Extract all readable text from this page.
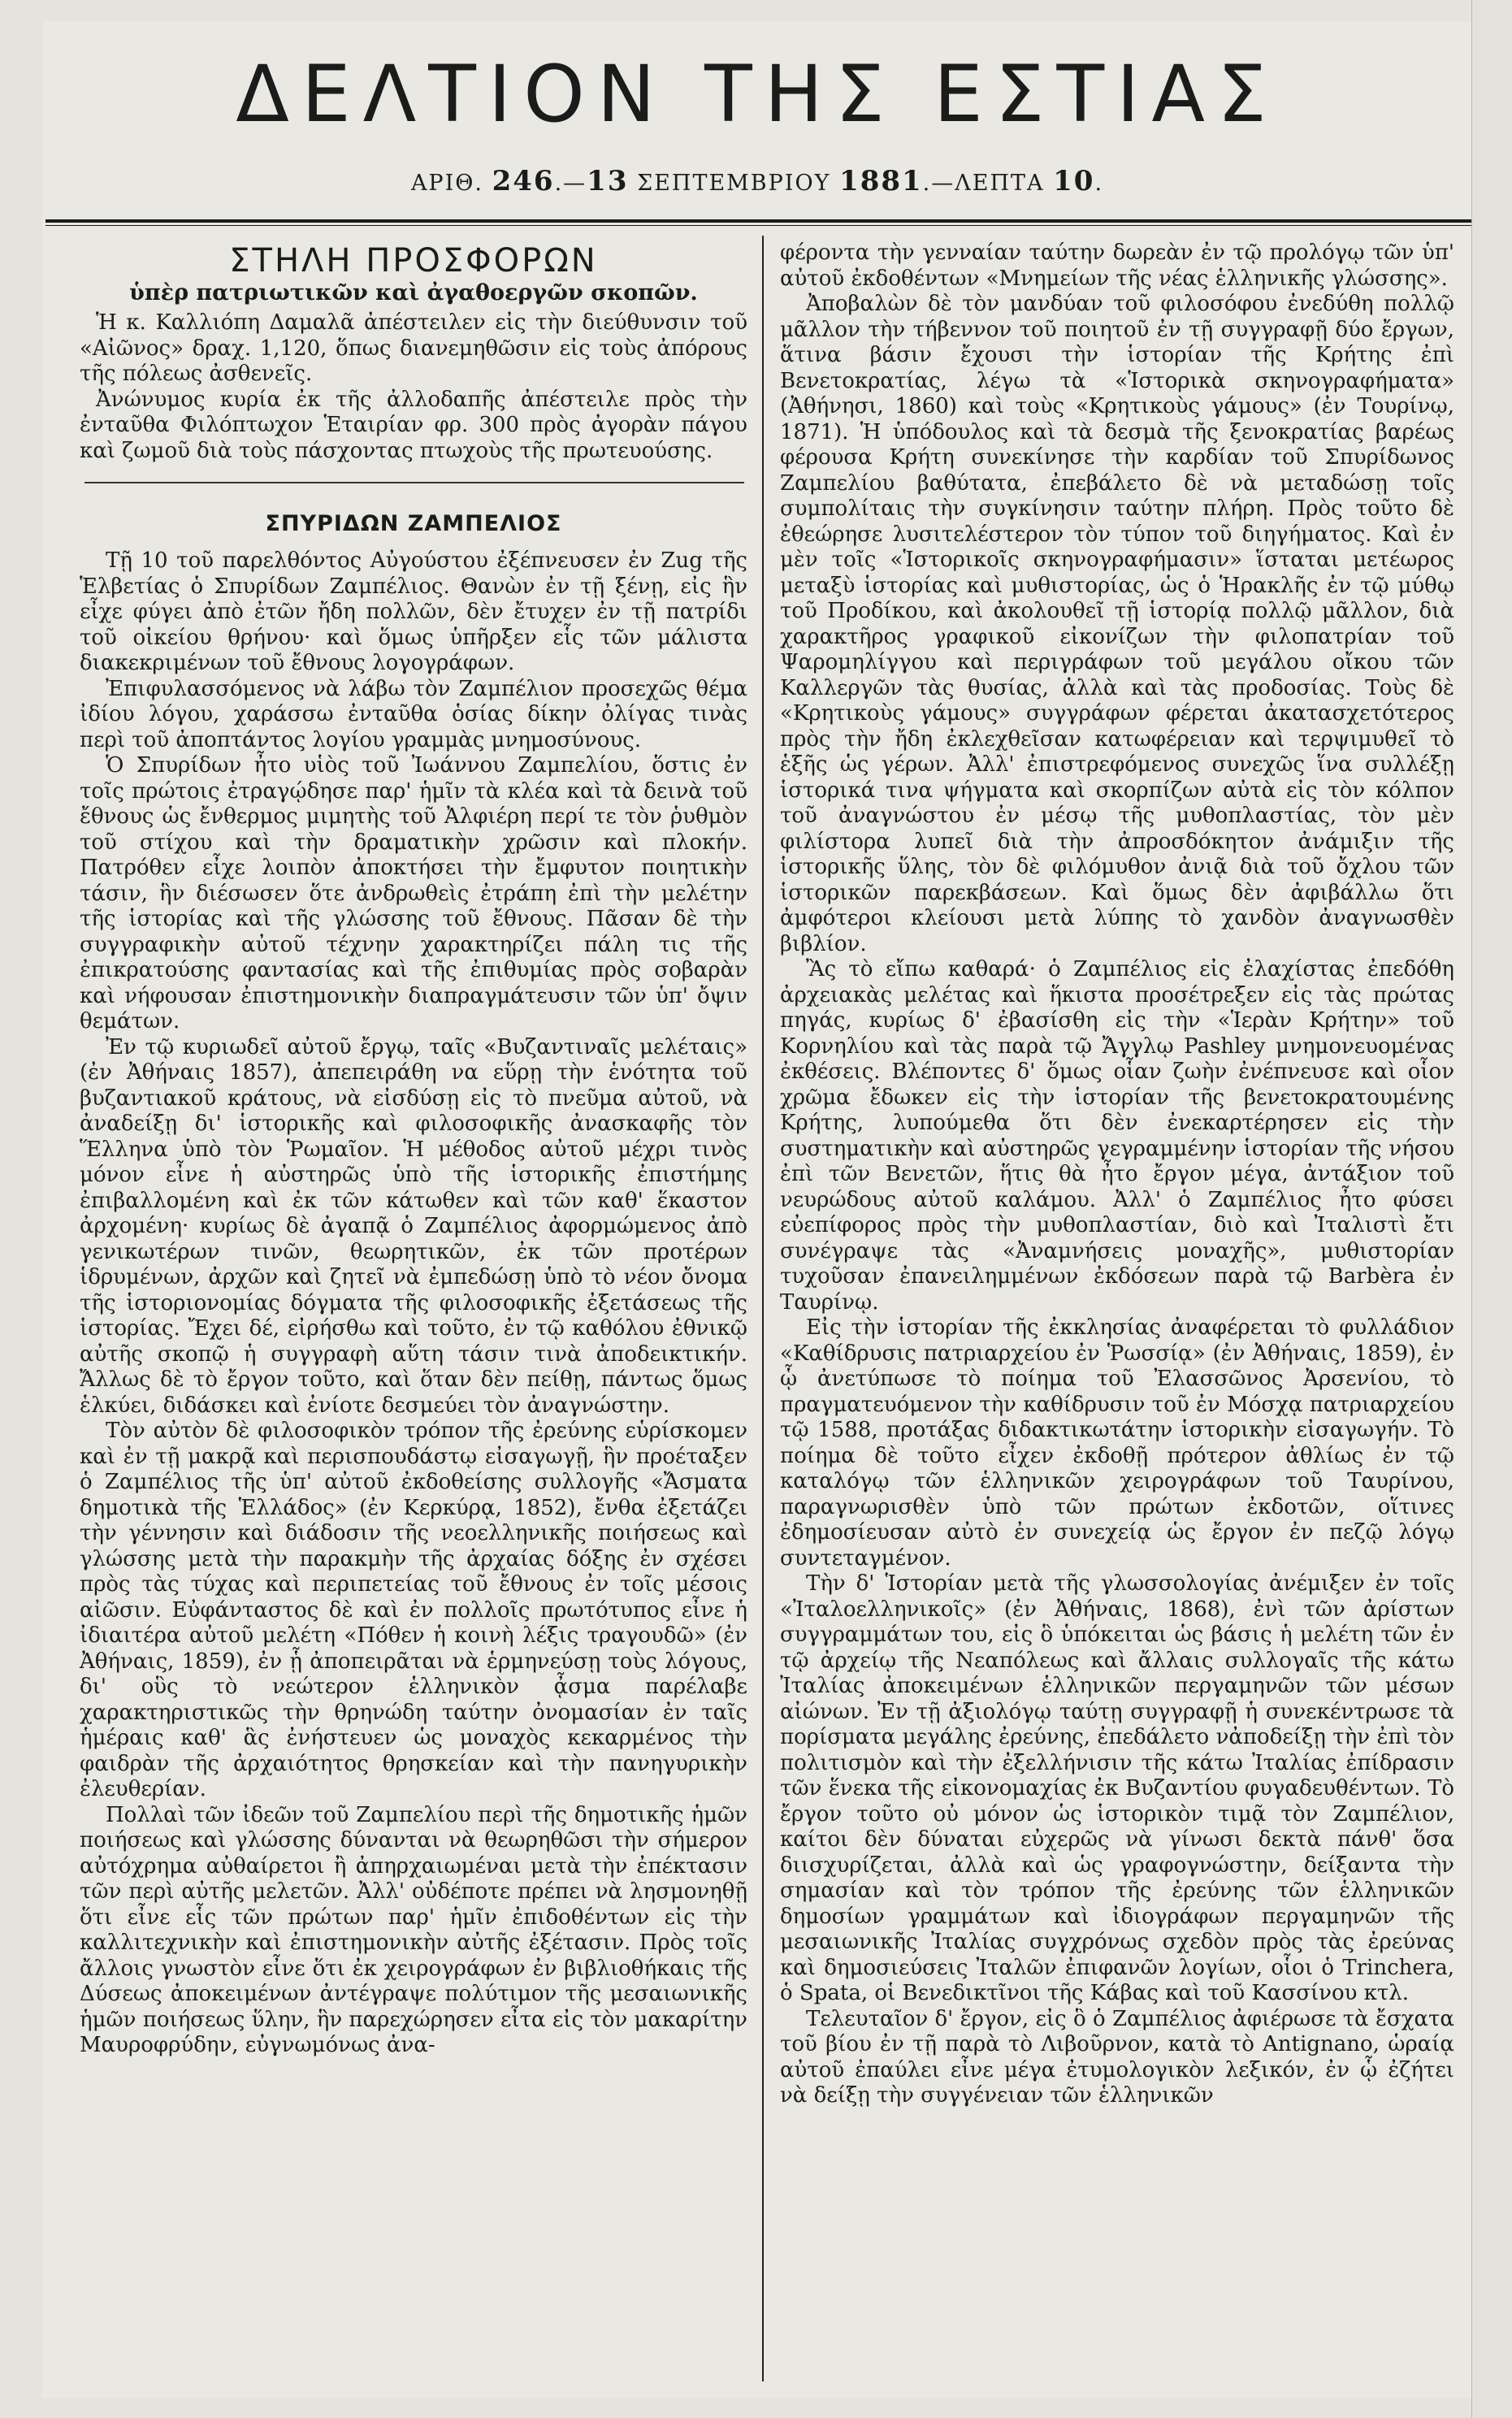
ΔΕΛΤΙΟΝ ΤΗΣ ΕΣΤΙΑΣ
ΑΡΙΘ. 246.—13 ΣΕΠΤΕΜΒΡΙΟΥ 1881.—ΛΕΠΤΑ 10.
ΣΤΗΛΗ ΠΡΟΣΦΟΡΩΝ
ὑπὲρ πατριωτικῶν καὶ ἀγαθοεργῶν σκοπῶν.

Ἡ κ. Καλλιόπη Δαμαλᾶ ἀπέστειλεν εἰς τὴν διεύθυνσιν τοῦ «Αἰῶνος» δραχ. 1,120, ὅπως διανεμηθῶσιν εἰς τοὺς ἀπόρους τῆς πόλεως ἀσθενεῖς.

Ἀνώνυμος κυρία ἐκ τῆς ἀλλοδαπῆς ἀπέστειλε πρὸς τὴν ἐνταῦθα Φιλόπτωχον Ἑταιρίαν φρ. 300 πρὸς ἀγορὰν πάγου καὶ ζωμοῦ διὰ τοὺς πάσχοντας πτωχοὺς τῆς πρωτευούσης.

ΣΠΥΡΙΔΩΝ ΖΑΜΠΕΛΙΟΣ

Τῇ 10 τοῦ παρελθόντος Αὐγούστου ἐξέπνευσεν ἐν Zug τῆς Ἑλβετίας ὁ Σπυρίδων Ζαμπέλιος. Θανὼν ἐν τῇ ξένῃ, εἰς ἣν εἶχε φύγει ἀπὸ ἐτῶν ἤδη πολλῶν, δὲν ἔτυχεν ἐν τῇ πατρίδι τοῦ οἰκείου θρήνου· καὶ ὅμως ὑπῆρξεν εἷς τῶν μάλιστα διακεκριμένων τοῦ ἔθνους λογογράφων.

Ἐπιφυλασσόμενος νὰ λάβω τὸν Ζαμπέλιον προσεχῶς θέμα ἰδίου λόγου, χαράσσω ἐνταῦθα ὁσίας δίκην ὀλίγας τινὰς περὶ τοῦ ἀποπτάντος λογίου γραμμὰς μνημοσύνους.

Ὁ Σπυρίδων ἦτο υἱὸς τοῦ Ἰωάννου Ζαμπελίου, ὅστις ἐν τοῖς πρώτοις ἐτραγῴδησε παρ' ἡμῖν τὰ κλέα καὶ τὰ δεινὰ τοῦ ἔθνους ὡς ἔνθερμος μιμητὴς τοῦ Ἀλφιέρη περί τε τὸν ῥυθμὸν τοῦ στίχου καὶ τὴν δραματικὴν χρῶσιν καὶ πλοκήν. Πατρόθεν εἶχε λοιπὸν ἀποκτήσει τὴν ἔμφυτον ποιητικὴν τάσιν, ἣν διέσωσεν ὅτε ἀνδρωθεὶς ἐτράπη ἐπὶ τὴν μελέτην τῆς ἱστορίας καὶ τῆς γλώσσης τοῦ ἔθνους. Πᾶσαν δὲ τὴν συγγραφικὴν αὐτοῦ τέχνην χαρακτηρίζει πάλη τις τῆς ἐπικρατούσης φαντασίας καὶ τῆς ἐπιθυμίας πρὸς σοβαρὰν καὶ νήφουσαν ἐπιστημονικὴν διαπραγμάτευσιν τῶν ὑπ' ὄψιν θεμάτων.

Ἐν τῷ κυριωδεῖ αὐτοῦ ἔργῳ, ταῖς «Βυζαντιναῖς μελέταις» (ἐν Ἀθήναις 1857), ἀπεπειράθη να εὕρῃ τὴν ἑνότητα τοῦ βυζαντιακοῦ κράτους, νὰ εἰσδύσῃ εἰς τὸ πνεῦμα αὐτοῦ, νὰ ἀναδείξῃ δι' ἱστορικῆς καὶ φιλοσοφικῆς ἀνασκαφῆς τὸν Ἕλληνα ὑπὸ τὸν Ῥωμαῖον. Ἡ μέθοδος αὐτοῦ μέχρι τινὸς μόνον εἶνε ἡ αὐστηρῶς ὑπὸ τῆς ἱστορικῆς ἐπιστήμης ἐπιβαλλομένη καὶ ἐκ τῶν κάτωθεν καὶ τῶν καθ' ἕκαστον ἀρχομένη· κυρίως δὲ ἀγαπᾷ ὁ Ζαμπέλιος ἀφορμώμενος ἀπὸ γενικωτέρων τινῶν, θεωρητικῶν, ἐκ τῶν προτέρων ἱδρυμένων, ἀρχῶν καὶ ζητεῖ νὰ ἐμπεδώσῃ ὑπὸ τὸ νέον ὄνομα τῆς ἱστοριονομίας δόγματα τῆς φιλοσοφικῆς ἐξετάσεως τῆς ἱστορίας. Ἔχει δέ, εἰρήσθω καὶ τοῦτο, ἐν τῷ καθόλου ἐθνικῷ αὐτῆς σκοπῷ ἡ συγγραφὴ αὕτη τάσιν τινὰ ἀποδεικτικήν. Ἄλλως δὲ τὸ ἔργον τοῦτο, καὶ ὅταν δὲν πείθῃ, πάντως ὅμως ἑλκύει, διδάσκει καὶ ἐνίοτε δεσμεύει τὸν ἀναγνώστην.

Τὸν αὐτὸν δὲ φιλοσοφικὸν τρόπον τῆς ἐρεύνης εὑρίσκομεν καὶ ἐν τῇ μακρᾷ καὶ περισπουδάστῳ εἰσαγωγῇ, ἣν προέταξεν ὁ Ζαμπέλιος τῆς ὑπ' αὐτοῦ ἐκδοθείσης συλλογῆς «Ἄσματα δημοτικὰ τῆς Ἑλλάδος» (ἐν Κερκύρᾳ, 1852), ἔνθα ἐξετάζει τὴν γέννησιν καὶ διάδοσιν τῆς νεοελληνικῆς ποιήσεως καὶ γλώσσης μετὰ τὴν παρακμὴν τῆς ἀρχαίας δόξης ἐν σχέσει πρὸς τὰς τύχας καὶ περιπετείας τοῦ ἔθνους ἐν τοῖς μέσοις αἰῶσιν. Εὐφάνταστος δὲ καὶ ἐν πολλοῖς πρωτότυπος εἶνε ἡ ἰδιαιτέρα αὐτοῦ μελέτη «Πόθεν ἡ κοινὴ λέξις τραγουδῶ» (ἐν Ἀθήναις, 1859), ἐν ᾗ ἀποπειρᾶται νὰ ἑρμηνεύσῃ τοὺς λόγους, δι' οὓς τὸ νεώτερον ἑλληνικὸν ᾆσμα παρέλαβε χαρακτηριστικῶς τὴν θρηνώδη ταύτην ὀνομασίαν ἐν ταῖς ἡμέραις καθ' ἃς ἐνήστευεν ὡς μοναχὸς κεκαρμένος τὴν φαιδρὰν τῆς ἀρχαιότητος θρησκείαν καὶ τὴν πανηγυρικὴν ἐλευθερίαν.

Πολλαὶ τῶν ἰδεῶν τοῦ Ζαμπελίου περὶ τῆς δημοτικῆς ἡμῶν ποιήσεως καὶ γλώσσης δύνανται νὰ θεωρηθῶσι τὴν σήμερον αὐτόχρημα αὐθαίρετοι ἢ ἀπηρχαιωμέναι μετὰ τὴν ἐπέκτασιν τῶν περὶ αὐτῆς μελετῶν. Ἀλλ' οὐδέποτε πρέπει νὰ λησμονηθῇ ὅτι εἶνε εἷς τῶν πρώτων παρ' ἡμῖν ἐπιδοθέντων εἰς τὴν καλλιτεχνικὴν καὶ ἐπιστημονικὴν αὐτῆς ἐξέτασιν. Πρὸς τοῖς ἄλλοις γνωστὸν εἶνε ὅτι ἐκ χειρογράφων ἐν βιβλιοθήκαις τῆς Δύσεως ἀποκειμένων ἀντέγραψε πολύτιμον τῆς μεσαιωνικῆς ἡμῶν ποιήσεως ὕλην, ἣν παρεχώρησεν εἶτα εἰς τὸν μακαρίτην Μαυροφρύδην, εὐγνωμόνως ἀνα-

φέροντα τὴν γενναίαν ταύτην δωρεὰν ἐν τῷ προλόγῳ τῶν ὑπ' αὐτοῦ ἐκδοθέντων «Μνημείων τῆς νέας ἑλληνικῆς γλώσσης».

Ἀποβαλὼν δὲ τὸν μανδύαν τοῦ φιλοσόφου ἐνεδύθη πολλῷ μᾶλλον τὴν τήβεννον τοῦ ποιητοῦ ἐν τῇ συγγραφῇ δύο ἔργων, ἅτινα βάσιν ἔχουσι τὴν ἱστορίαν τῆς Κρήτης ἐπὶ Βενετοκρατίας, λέγω τὰ «Ἱστορικὰ σκηνογραφήματα» (Ἀθήνησι, 1860) καὶ τοὺς «Κρητικοὺς γάμους» (ἐν Τουρίνῳ, 1871). Ἡ ὑπόδουλος καὶ τὰ δεσμὰ τῆς ξενοκρατίας βαρέως φέρουσα Κρήτη συνεκίνησε τὴν καρδίαν τοῦ Σπυρίδωνος Ζαμπελίου βαθύτατα, ἐπεβάλετο δὲ νὰ μεταδώσῃ τοῖς συμπολίταις τὴν συγκίνησιν ταύτην πλήρη. Πρὸς τοῦτο δὲ ἐθεώρησε λυσιτελέστερον τὸν τύπον τοῦ διηγήματος. Καὶ ἐν μὲν τοῖς «Ἱστορικοῖς σκηνογραφήμασιν» ἵσταται μετέωρος μεταξὺ ἱστορίας καὶ μυθιστορίας, ὡς ὁ Ἡρακλῆς ἐν τῷ μύθῳ τοῦ Προδίκου, καὶ ἀκολουθεῖ τῇ ἱστορίᾳ πολλῷ μᾶλλον, διὰ χαρακτῆρος γραφικοῦ εἰκονίζων τὴν φιλοπατρίαν τοῦ Ψαρομηλίγγου καὶ περιγράφων τοῦ μεγάλου οἴκου τῶν Καλλεργῶν τὰς θυσίας, ἀλλὰ καὶ τὰς προδοσίας. Τοὺς δὲ «Κρητικοὺς γάμους» συγγράφων φέρεται ἀκατασχετότερος πρὸς τὴν ἤδη ἐκλεχθεῖσαν κατωφέρειαν καὶ τερψιμυθεῖ τὸ ἑξῆς ὡς γέρων. Ἀλλ' ἐπιστρεφόμενος συνεχῶς ἵνα συλλέξῃ ἱστορικά τινα ψήγματα καὶ σκορπίζων αὐτὰ εἰς τὸν κόλπον τοῦ ἀναγνώστου ἐν μέσῳ τῆς μυθοπλαστίας, τὸν μὲν φιλίστορα λυπεῖ διὰ τὴν ἀπροσδόκητον ἀνάμιξιν τῆς ἱστορικῆς ὕλης, τὸν δὲ φιλόμυθον ἀνιᾷ διὰ τοῦ ὄχλου τῶν ἱστορικῶν παρεκβάσεων. Καὶ ὅμως δὲν ἀφιβάλλω ὅτι ἀμφότεροι κλείουσι μετὰ λύπης τὸ χανδὸν ἀναγνωσθὲν βιβλίον.

Ἂς τὸ εἴπω καθαρά· ὁ Ζαμπέλιος εἰς ἐλαχίστας ἐπεδόθη ἀρχειακὰς μελέτας καὶ ἥκιστα προσέτρεξεν εἰς τὰς πρώτας πηγάς, κυρίως δ' ἐβασίσθη εἰς τὴν «Ἱερὰν Κρήτην» τοῦ Κορνηλίου καὶ τὰς παρὰ τῷ Ἄγγλῳ Pashley μνημονευομένας ἐκθέσεις. Βλέποντες δ' ὅμως οἷαν ζωὴν ἐνέπνευσε καὶ οἷον χρῶμα ἔδωκεν εἰς τὴν ἱστορίαν τῆς βενετοκρατουμένης Κρήτης, λυπούμεθα ὅτι δὲν ἐνεκαρτέρησεν εἰς τὴν συστηματικὴν καὶ αὐστηρῶς γεγραμμένην ἱστορίαν τῆς νήσου ἐπὶ τῶν Βενετῶν, ἥτις θὰ ἦτο ἔργον μέγα, ἀντάξιον τοῦ νευρώδους αὐτοῦ καλάμου. Ἀλλ' ὁ Ζαμπέλιος ἦτο φύσει εὐεπίφορος πρὸς τὴν μυθοπλαστίαν, διὸ καὶ Ἰταλιστὶ ἔτι συνέγραψε τὰς «Ἀναμνήσεις μοναχῆς», μυθιστορίαν τυχοῦσαν ἐπανειλημμένων ἐκδόσεων παρὰ τῷ Barbèra ἐν Ταυρίνῳ.

Εἰς τὴν ἱστορίαν τῆς ἐκκλησίας ἀναφέρεται τὸ φυλλάδιον «Καθίδρυσις πατριαρχείου ἐν Ῥωσσίᾳ» (ἐν Ἀθήναις, 1859), ἐν ᾧ ἀνετύπωσε τὸ ποίημα τοῦ Ἐλασσῶνος Ἀρσενίου, τὸ πραγματευόμενον τὴν καθίδρυσιν τοῦ ἐν Μόσχᾳ πατριαρχείου τῷ 1588, προτάξας διδακτικωτάτην ἱστορικὴν εἰσαγωγήν. Τὸ ποίημα δὲ τοῦτο εἶχεν ἐκδοθῇ πρότερον ἀθλίως ἐν τῷ καταλόγῳ τῶν ἑλληνικῶν χειρογράφων τοῦ Ταυρίνου, παραγνωρισθὲν ὑπὸ τῶν πρώτων ἐκδοτῶν, οἵτινες ἐδημοσίευσαν αὐτὸ ἐν συνεχείᾳ ὡς ἔργον ἐν πεζῷ λόγῳ συντεταγμένον.

Τὴν δ' Ἱστορίαν μετὰ τῆς γλωσσολογίας ἀνέμιξεν ἐν τοῖς «Ἰταλοελληνικοῖς» (ἐν Ἀθήναις, 1868), ἐνὶ τῶν ἀρίστων συγγραμμάτων του, εἰς ὃ ὑπόκειται ὡς βάσις ἡ μελέτη τῶν ἐν τῷ ἀρχείῳ τῆς Νεαπόλεως καὶ ἄλλαις συλλογαῖς τῆς κάτω Ἰταλίας ἀποκειμένων ἑλληνικῶν περγαμηνῶν τῶν μέσων αἰώνων. Ἐν τῇ ἀξιολόγῳ ταύτῃ συγγραφῇ ἡ συνεκέντρωσε τὰ πορίσματα μεγάλης ἐρεύνης, ἐπεδάλετο νἀποδείξῃ τὴν ἐπὶ τὸν πολιτισμὸν καὶ τὴν ἐξελλήνισιν τῆς κάτω Ἰταλίας ἐπίδρασιν τῶν ἕνεκα τῆς εἰκονομαχίας ἐκ Βυζαντίου φυγαδευθέντων. Τὸ ἔργον τοῦτο οὐ μόνον ὡς ἱστορικὸν τιμᾷ τὸν Ζαμπέλιον, καίτοι δὲν δύναται εὐχερῶς νὰ γίνωσι δεκτὰ πάνθ' ὅσα διισχυρίζεται, ἀλλὰ καὶ ὡς γραφογνώστην, δείξαντα τὴν σημασίαν καὶ τὸν τρόπον τῆς ἐρεύνης τῶν ἑλληνικῶν δημοσίων γραμμάτων καὶ ἰδιογράφων περγαμηνῶν τῆς μεσαιωνικῆς Ἰταλίας συγχρόνως σχεδὸν πρὸς τὰς ἐρεύνας καὶ δημοσιεύσεις Ἰταλῶν ἐπιφανῶν λογίων, οἷοι ὁ Trinchera, ὁ Spata, οἱ Βενεδικτῖνοι τῆς Κάβας καὶ τοῦ Κασσίνου κτλ.

Τελευταῖον δ' ἔργον, εἰς ὃ ὁ Ζαμπέλιος ἀφιέρωσε τὰ ἔσχατα τοῦ βίου ἐν τῇ παρὰ τὸ Λιβοῦρνον, κατὰ τὸ Antignano, ὡραίᾳ αὐτοῦ ἐπαύλει εἶνε μέγα ἐτυμολογικὸν λεξικόν, ἐν ᾧ ἐζήτει νὰ δείξῃ τὴν συγγένειαν τῶν ἑλληνικῶν
